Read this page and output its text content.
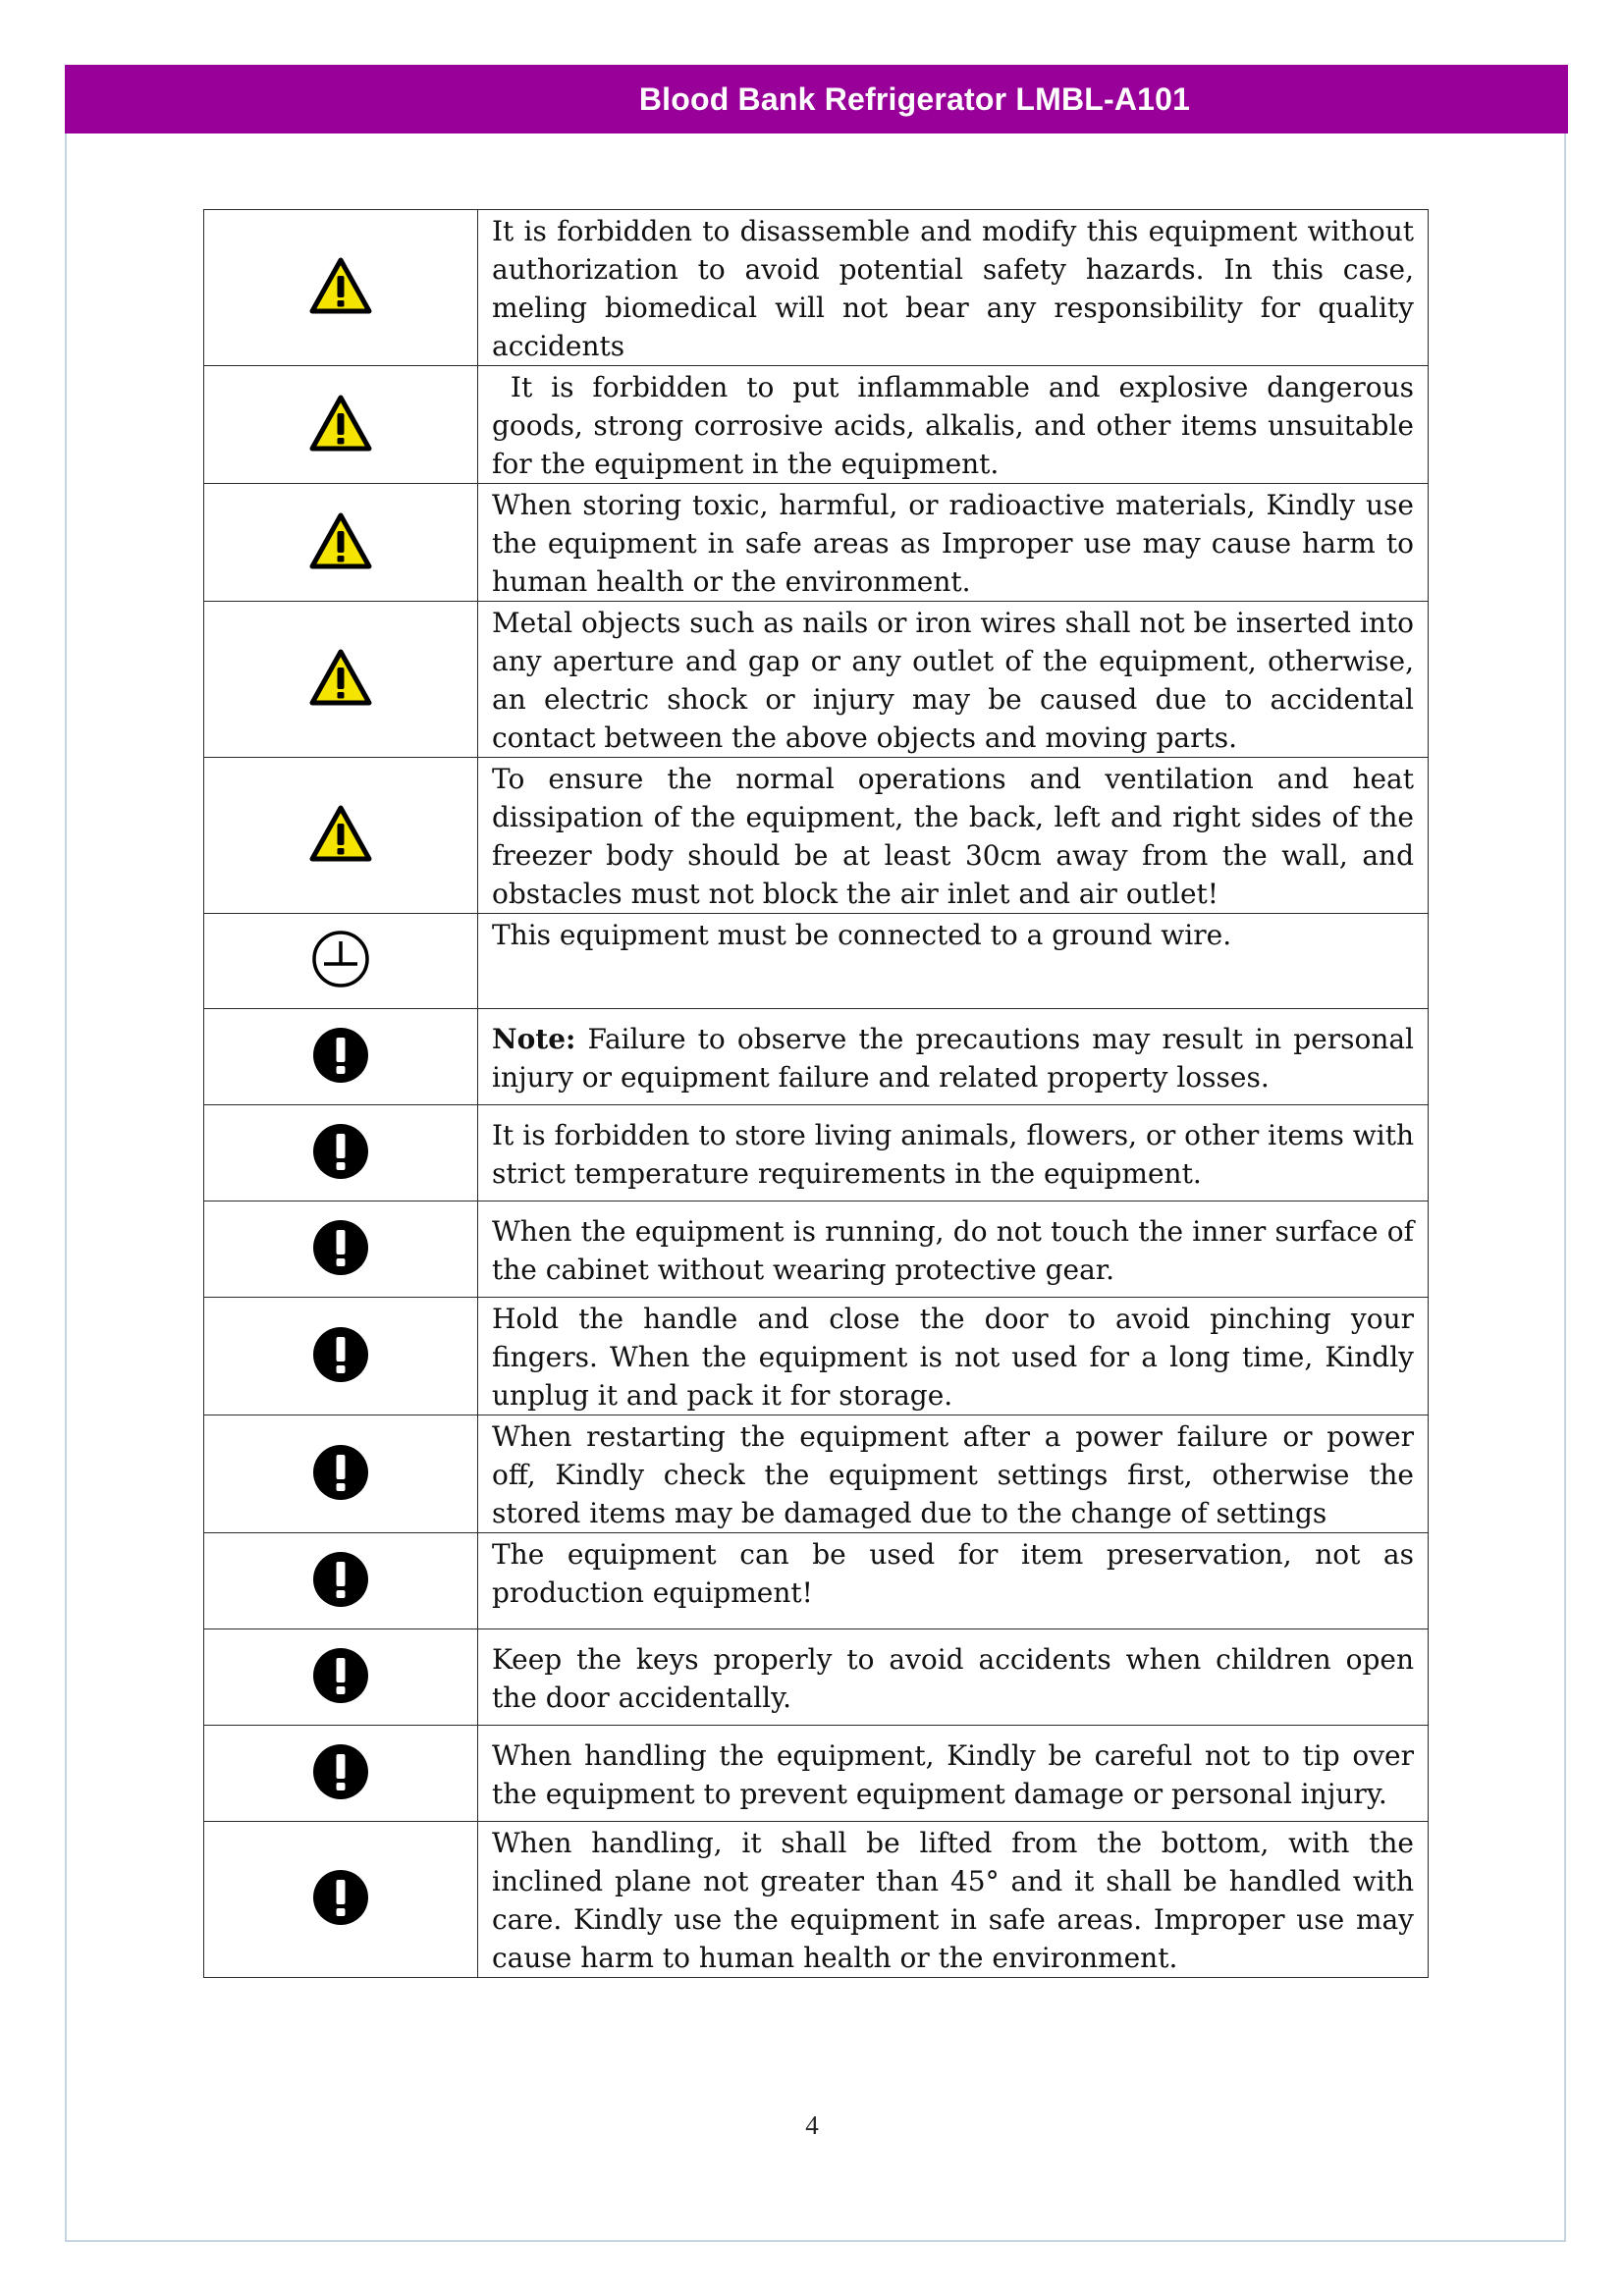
Blood Bank Refrigerator LMBL-A101
	It is forbidden to disassemble and modify this equipment without authorization to avoid potential safety hazards. In this case, meling biomedical will not bear any responsibility for quality accidents
	It is forbidden to put inflammable and explosive dangerous goods, strong corrosive acids, alkalis, and other items unsuitable for the equipment in the equipment.
	When storing toxic, harmful, or radioactive materials, Kindly use the equipment in safe areas as Improper use may cause harm to human health or the environment.
	Metal objects such as nails or iron wires shall not be inserted into any aperture and gap or any outlet of the equipment, otherwise, an electric shock or injury may be caused due to accidental contact between the above objects and moving parts.
	To ensure the normal operations and ventilation and heat dissipation of the equipment, the back, left and right sides of the freezer body should be at least 30cm away from the wall, and obstacles must not block the air inlet and air outlet!
	This equipment must be connected to a ground wire.
	Note: Failure to observe the precautions may result in personal injury or equipment failure and related property losses.
	It is forbidden to store living animals, flowers, or other items with strict temperature requirements in the equipment.
	When the equipment is running, do not touch the inner surface of the cabinet without wearing protective gear.
	Hold the handle and close the door to avoid pinching your fingers. When the equipment is not used for a long time, Kindly unplug it and pack it for storage.
	When restarting the equipment after a power failure or power off, Kindly check the equipment settings first, otherwise the stored items may be damaged due to the change of settings
	The equipment can be used for item preservation, not as production equipment!
	Keep the keys properly to avoid accidents when children open the door accidentally.
	When handling the equipment, Kindly be careful not to tip over the equipment to prevent equipment damage or personal injury.
	When handling, it shall be lifted from the bottom, with the inclined plane not greater than 45° and it shall be handled with care. Kindly use the equipment in safe areas. Improper use may cause harm to human health or the environment.
4
